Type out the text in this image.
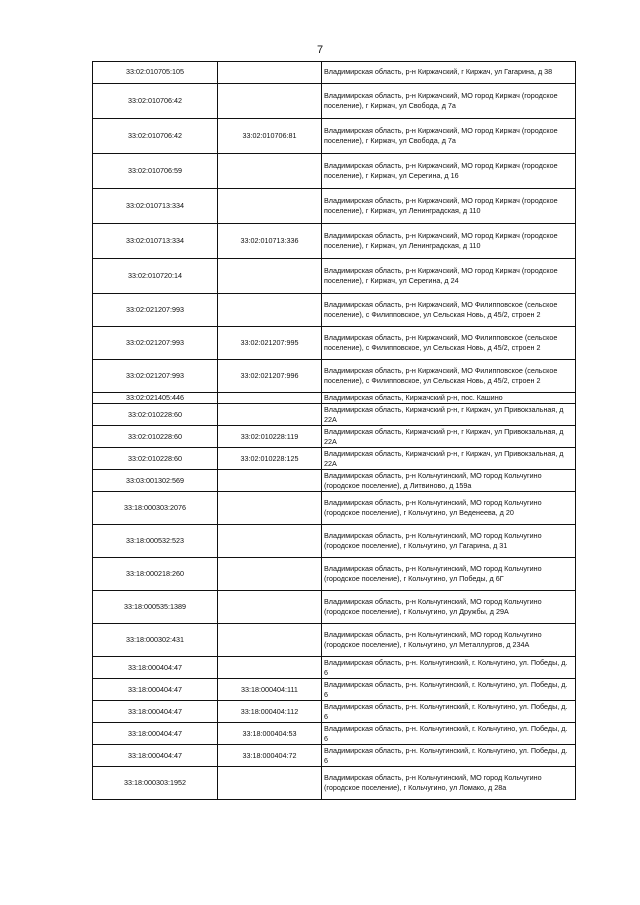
7
33:02:010705:105		Владимирская область, р-н Киржачский, г Киржач, ул Гагарина, д 38
33:02:010706:42		Владимирская область, р-н Киржачский, МО город Киржач (городское поселение), г Киржач, ул Свобода, д 7а
33:02:010706:42	33:02:010706:81	Владимирская область, р-н Киржачский, МО город Киржач (городское поселение), г Киржач, ул Свобода, д 7а
33:02:010706:59		Владимирская область, р-н Киржачский, МО город Киржач (городское поселение), г Киржач, ул Серегина, д 16
33:02:010713:334		Владимирская область, р-н Киржачский, МО город Киржач (городское поселение), г Киржач, ул Ленинградская, д 110
33:02:010713:334	33:02:010713:336	Владимирская область, р-н Киржачский, МО город Киржач (городское поселение), г Киржач, ул Ленинградская, д 110
33:02:010720:14		Владимирская область, р-н Киржачский, МО город Киржач (городское поселение), г Киржач, ул Серегина, д 24
33:02:021207:993		Владимирская область, р-н Киржачский, МО Филипповское (сельское поселение), с Филипповское, ул Сельская Новь, д 45/2, строен 2
33:02:021207:993	33:02:021207:995	Владимирская область, р-н Киржачский, МО Филипповское (сельское поселение), с Филипповское, ул Сельская Новь, д 45/2, строен 2
33:02:021207:993	33:02:021207:996	Владимирская область, р-н Киржачский, МО Филипповское (сельское поселение), с Филипповское, ул Сельская Новь, д 45/2, строен 2
33:02:021405:446		Владимирская область, Киржачский р-н, пос. Кашино
33:02:010228:60		Владимирская область, Киржачский р-н, г Киржач, ул Привокзальная, д 22А
33:02:010228:60	33:02:010228:119	Владимирская область, Киржачский р-н, г Киржач, ул Привокзальная, д 22А
33:02:010228:60	33:02:010228:125	Владимирская область, Киржачский р-н, г Киржач, ул Привокзальная, д 22А
33:03:001302:569		Владимирская область, р-н Кольчугинский, МО город Кольчугино (городское поселение), д Литвиново, д 159а
33:18:000303:2076		Владимирская область, р-н Кольчугинский, МО город Кольчугино (городское поселение), г Кольчугино, ул Веденеева, д 20
33:18:000532:523		Владимирская область, р-н Кольчугинский, МО город Кольчугино (городское поселение), г Кольчугино, ул Гагарина, д 31
33:18:000218:260		Владимирская область, р-н Кольчугинский, МО город Кольчугино (городское поселение), г Кольчугино, ул Победы, д 6Г
33:18:000535:1389		Владимирская область, р-н Кольчугинский, МО город Кольчугино (городское поселение), г Кольчугино, ул Дружбы, д 29А
33:18:000302:431		Владимирская область, р-н Кольчугинский, МО город Кольчугино (городское поселение), г Кольчугино, ул Металлургов, д 234А
33:18:000404:47		Владимирская область, р-н. Кольчугинский, г. Кольчугино, ул. Победы, д. 6
33:18:000404:47	33:18:000404:111	Владимирская область, р-н. Кольчугинский, г. Кольчугино, ул. Победы, д. 6
33:18:000404:47	33:18:000404:112	Владимирская область, р-н. Кольчугинский, г. Кольчугино, ул. Победы, д. 6
33:18:000404:47	33:18:000404:53	Владимирская область, р-н. Кольчугинский, г. Кольчугино, ул. Победы, д. 6
33:18:000404:47	33:18:000404:72	Владимирская область, р-н. Кольчугинский, г. Кольчугино, ул. Победы, д. 6
33:18:000303:1952		Владимирская область, р-н Кольчугинский, МО город Кольчугино (городское поселение), г Кольчугино, ул Ломако, д 28а
